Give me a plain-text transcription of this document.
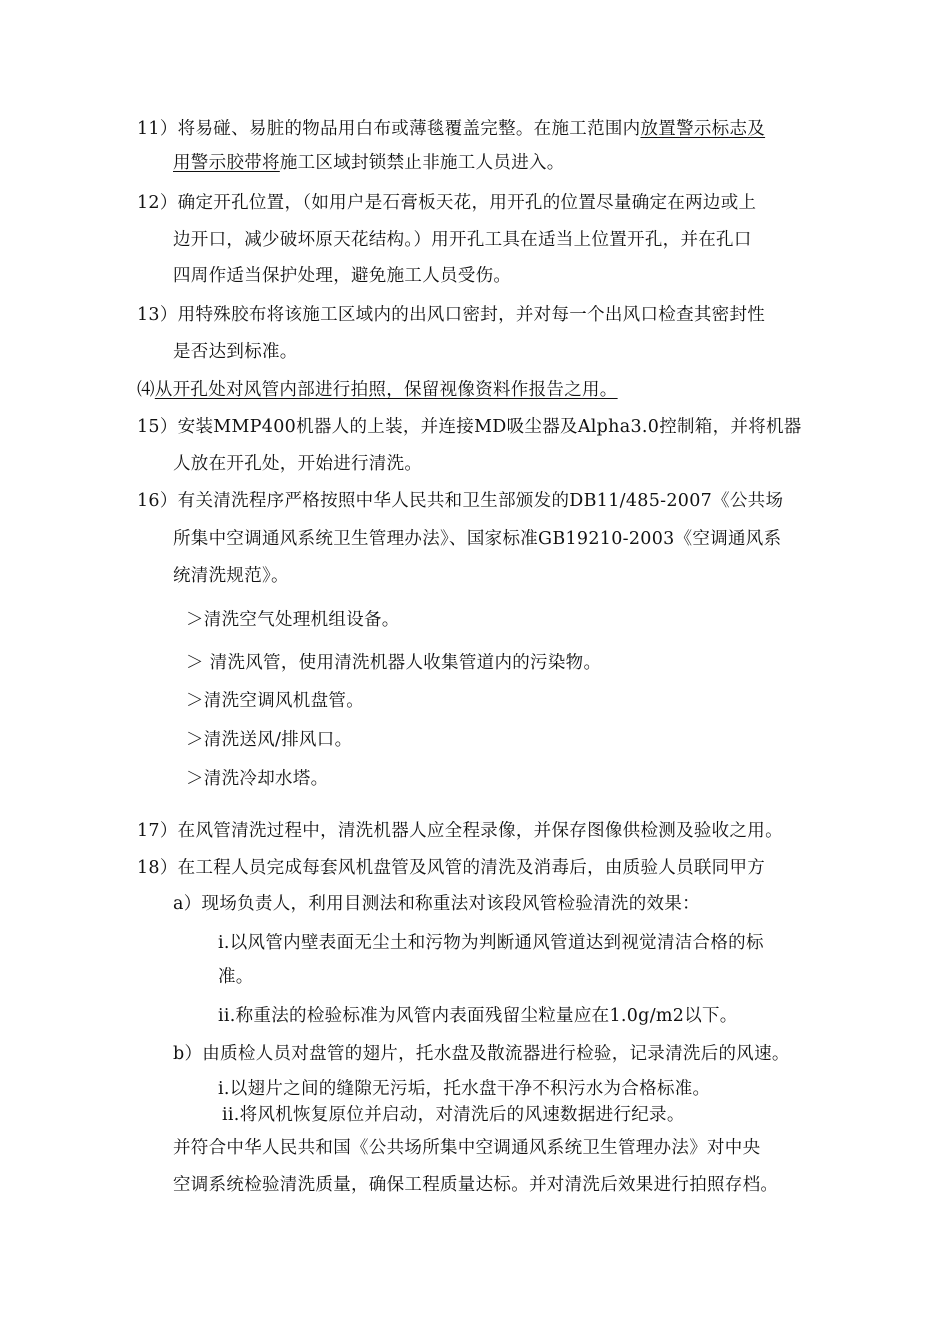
11）将易碰、易脏的物品用白布或薄毯覆盖完整。在施工范围内放置警示标志及
用警示胶带将施工区域封锁禁止非施工人员进入。
12）确定开孔位置，（如用户是石膏板天花，用开孔的位置尽量确定在两边或上
边开口，减少破坏原天花结构。）用开孔工具在适当上位置开孔，并在孔口
四周作适当保护处理，避免施工人员受伤。
13）用特殊胶布将该施工区域内的出风口密封，并对每一个出风口检查其密封性
是否达到标准。
⑷从开孔处对风管内部进行拍照，保留视像资料作报告之用。
15）安装MMP400机器人的上装，并连接MD吸尘器及Alpha3.0控制箱，并将机器
人放在开孔处，开始进行清洗。
16）有关清洗程序严格按照中华人民共和卫生部颁发的DB11/485-2007《公共场
所集中空调通风系统卫生管理办法》、国家标准GB19210-2003《空调通风系
统清洗规范》。
＞清洗空气处理机组设备。
＞ 清洗风管，使用清洗机器人收集管道内的污染物。
＞清洗空调风机盘管。
＞清洗送风/排风口。
＞清洗冷却水塔。
17）在风管清洗过程中，清洗机器人应全程录像，并保存图像供检测及验收之用。
18）在工程人员完成每套风机盘管及风管的清洗及消毒后，由质验人员联同甲方
a）现场负责人，利用目测法和称重法对该段风管检验清洗的效果：
i.以风管内壁表面无尘土和污物为判断通风管道达到视觉清洁合格的标
准。
ii.称重法的检验标准为风管内表面残留尘粒量应在1.0g/m2以下。
b）由质检人员对盘管的翅片，托水盘及散流器进行检验，记录清洗后的风速。
i.以翅片之间的缝隙无污垢，托水盘干净不积污水为合格标准。
ii.将风机恢复原位并启动，对清洗后的风速数据进行纪录。
并符合中华人民共和国《公共场所集中空调通风系统卫生管理办法》对中央
空调系统检验清洗质量，确保工程质量达标。并对清洗后效果进行拍照存档。
